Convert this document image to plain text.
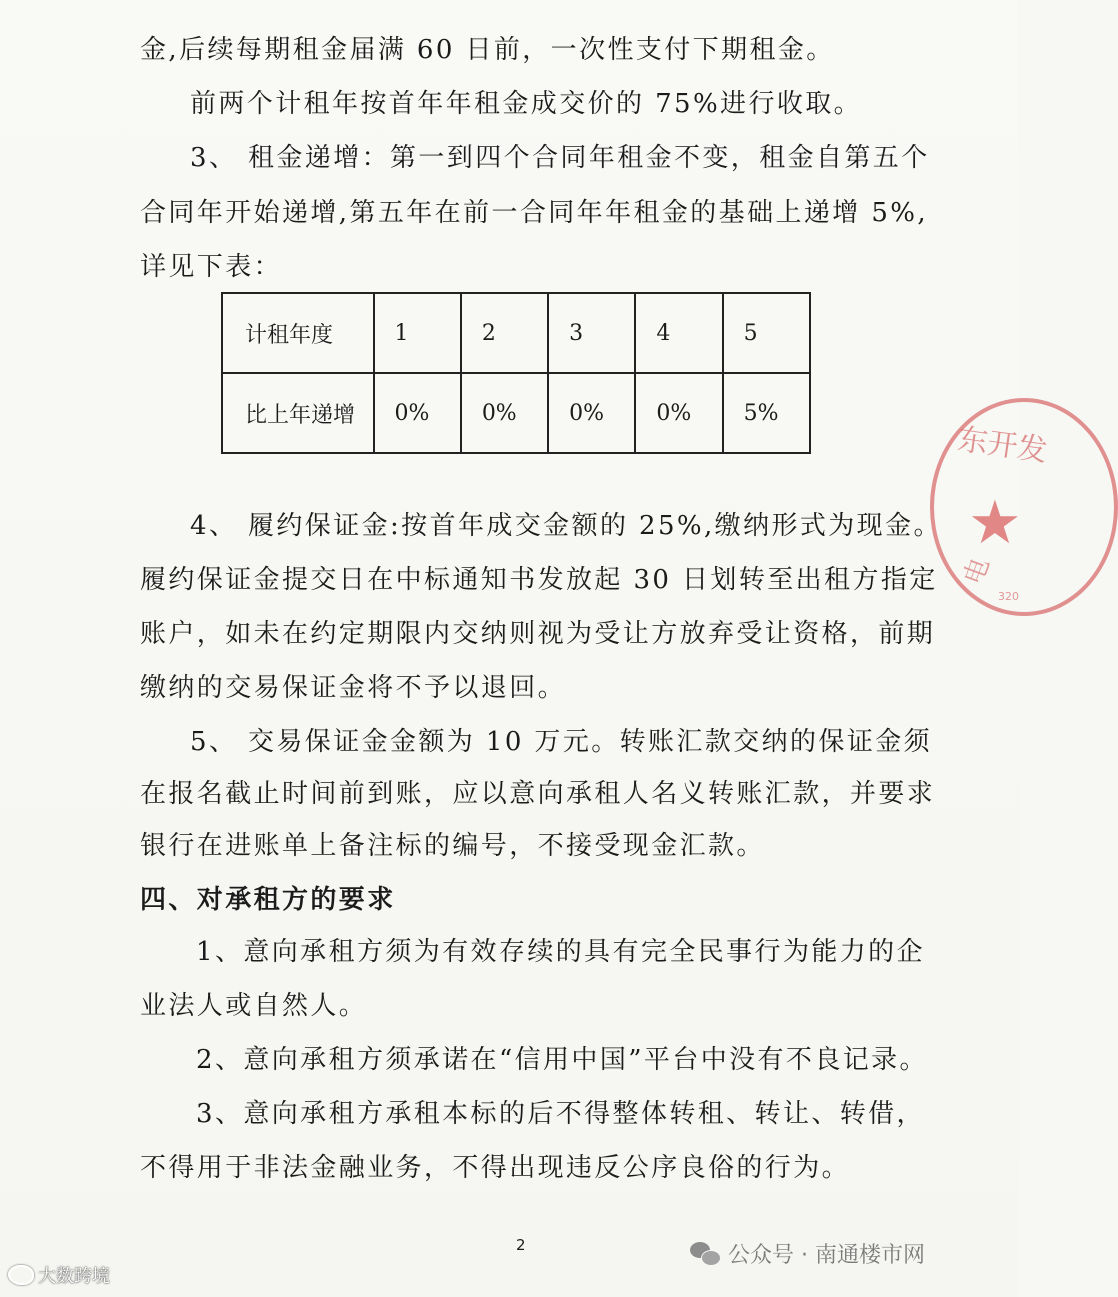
东开发
★
电
320
金,后续每期租金届满 60 日前，一次性支付下期租金。
前两个计租年按首年年租金成交价的 75%进行收取。
3、 租金递增：第一到四个合同年租金不变，租金自第五个
合同年开始递增,第五年在前一合同年年租金的基础上递增 5%,
详见下表：
计租年度	1	2	3	4	5
比上年递增	0%	0%	0%	0%	5%
4、 履约保证金:按首年成交金额的 25%,缴纳形式为现金。
履约保证金提交日在中标通知书发放起 30 日划转至出租方指定
账户，如未在约定期限内交纳则视为受让方放弃受让资格，前期
缴纳的交易保证金将不予以退回。
5、 交易保证金金额为 10 万元。转账汇款交纳的保证金须
在报名截止时间前到账，应以意向承租人名义转账汇款，并要求
银行在进账单上备注标的编号，不接受现金汇款。
四、对承租方的要求
1、意向承租方须为有效存续的具有完全民事行为能力的企
业法人或自然人。
2、意向承租方须承诺在“信用中国”平台中没有不良记录。
3、意向承租方承租本标的后不得整体转租、转让、转借，
不得用于非法金融业务，不得出现违反公序良俗的行为。
2	公众号 · 南通楼市网
大数跨境
